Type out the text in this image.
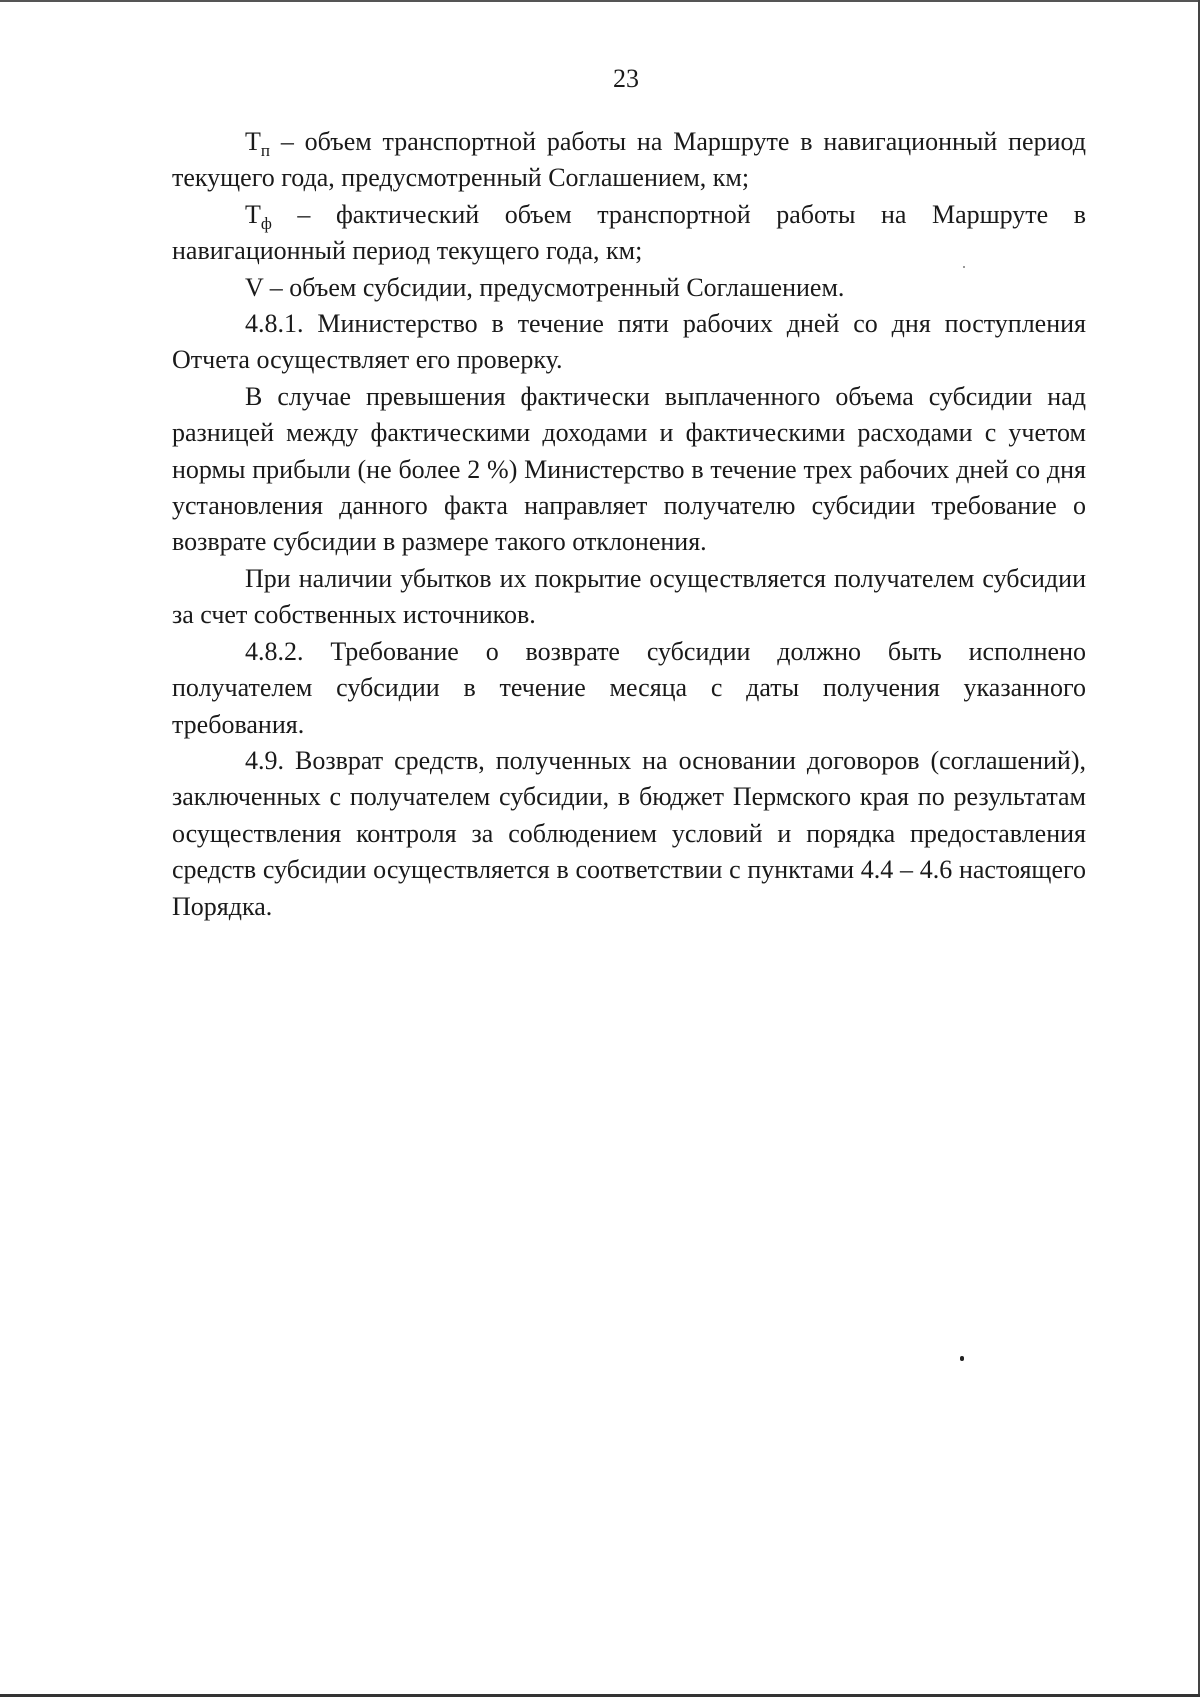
23

$Т_п$ – объем транспортной работы на Маршруте в навигационный период текущего года, предусмотренный Соглашением, км;

$Т_ф$ – фактический объем транспортной работы на Маршруте в навигационный период текущего года, км;

V – объем субсидии, предусмотренный Соглашением.

4.8.1. Министерство в течение пяти рабочих дней со дня поступления Отчета осуществляет его проверку.

В случае превышения фактически выплаченного объема субсидии над разницей между фактическими доходами и фактическими расходами с учетом нормы прибыли (не более 2 %) Министерство в течение трех рабочих дней со дня установления данного факта направляет получателю субсидии требование о возврате субсидии в размере такого отклонения.

При наличии убытков их покрытие осуществляется получателем субсидии за счет собственных источников.

4.8.2. Требование о возврате субсидии должно быть исполнено получателем субсидии в течение месяца с даты получения указанного требования.

4.9. Возврат средств, полученных на основании договоров (соглашений), заключенных с получателем субсидии, в бюджет Пермского края по результатам осуществления контроля за соблюдением условий и порядка предоставления средств субсидии осуществляется в соответствии с пунктами 4.4 – 4.6 настоящего Порядка.
